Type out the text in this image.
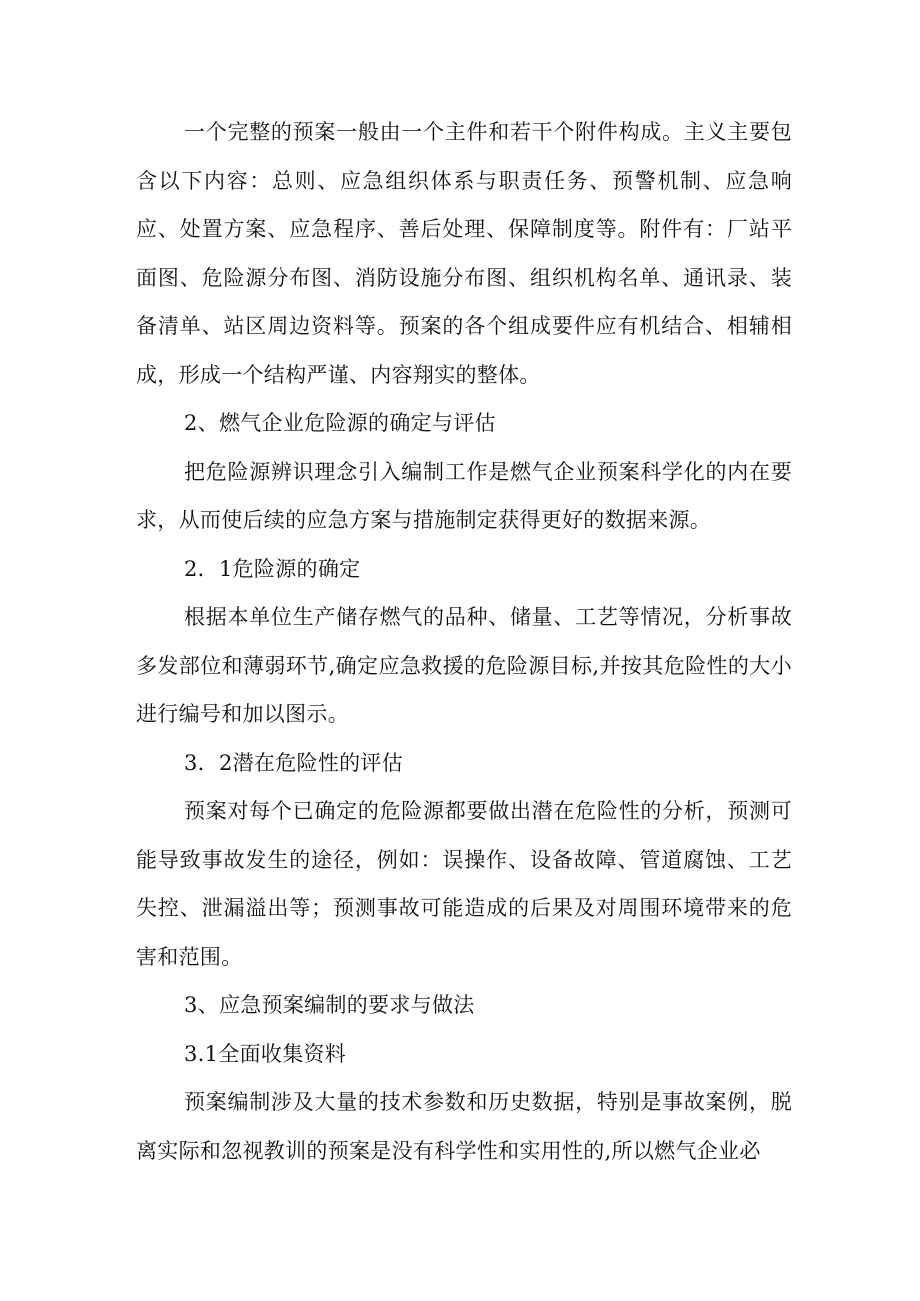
一个完整的预案一般由一个主件和若干个附件构成。主义主要包含以下内容：总则、应急组织体系与职责任务、预警机制、应急响应、处置方案、应急程序、善后处理、保障制度等。附件有：厂站平面图、危险源分布图、消防设施分布图、组织机构名单、通讯录、装备清单、站区周边资料等。预案的各个组成要件应有机结合、相辅相成，形成一个结构严谨、内容翔实的整体。

2、燃气企业危险源的确定与评估

把危险源辨识理念引入编制工作是燃气企业预案科学化的内在要求，从而使后续的应急方案与措施制定获得更好的数据来源。

2．1危险源的确定

根据本单位生产储存燃气的品种、储量、工艺等情况，分析事故多发部位和薄弱环节,确定应急救援的危险源目标,并按其危险性的大小进行编号和加以图示。

3．2潜在危险性的评估

预案对每个已确定的危险源都要做出潜在危险性的分析，预测可能导致事故发生的途径，例如：误操作、设备故障、管道腐蚀、工艺失控、泄漏溢出等；预测事故可能造成的后果及对周围环境带来的危害和范围。

3、应急预案编制的要求与做法

3.1全面收集资料

预案编制涉及大量的技术参数和历史数据，特别是事故案例，脱离实际和忽视教训的预案是没有科学性和实用性的,所以燃气企业必
